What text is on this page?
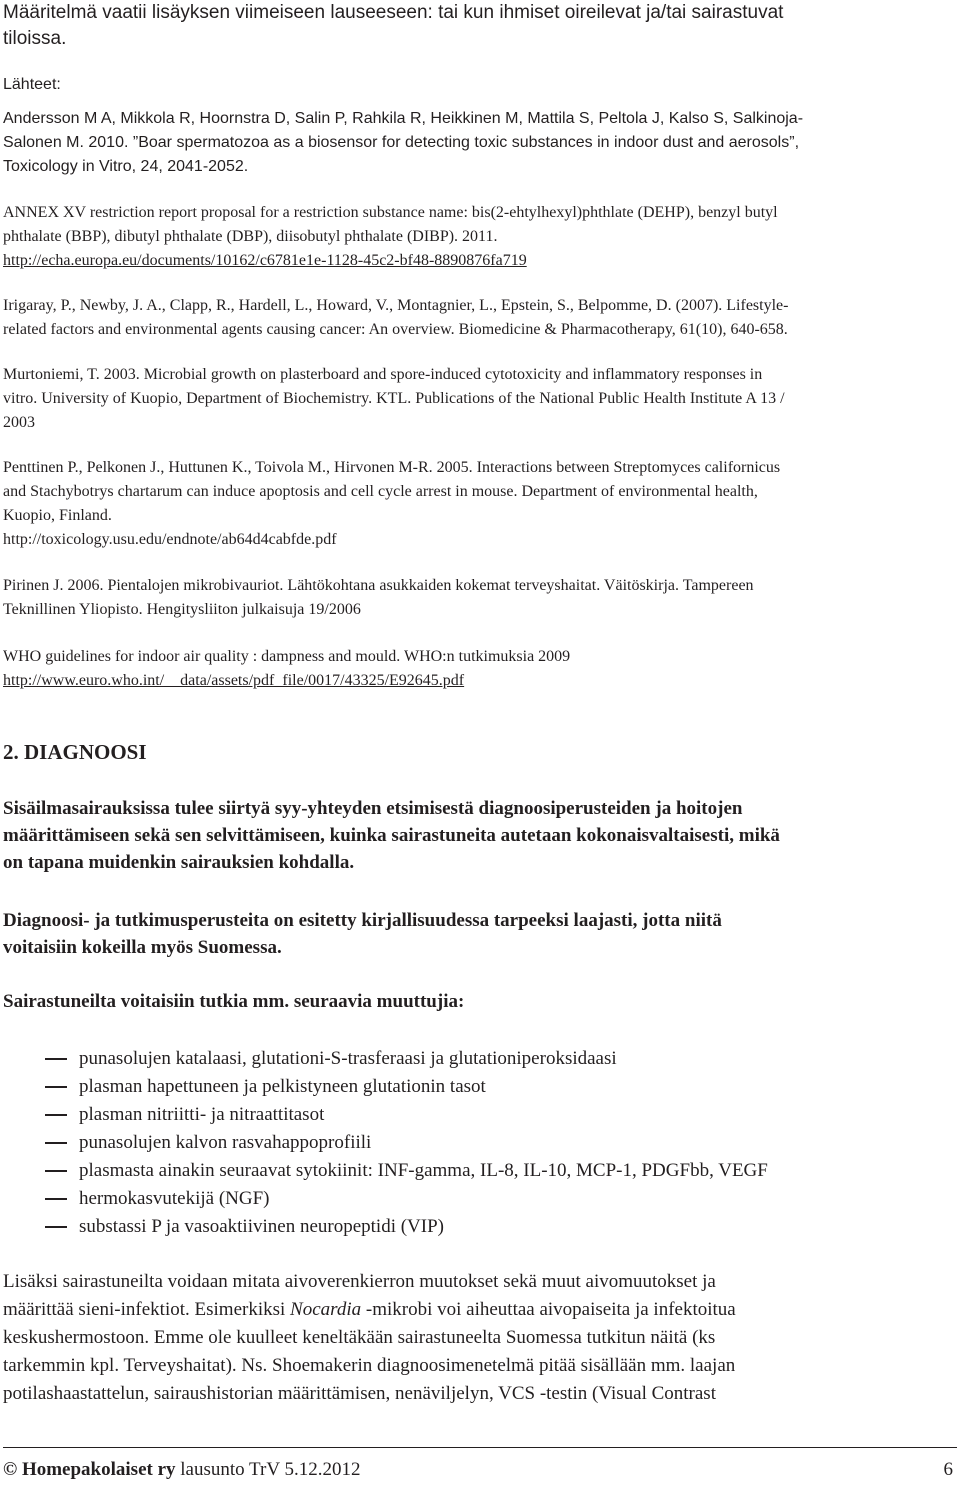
Määritelmä vaatii lisäyksen viimeiseen lauseeseen: tai kun ihmiset oireilevat ja/tai sairastuvat
tiloissa.

Lähteet:

Andersson M A, Mikkola R, Hoornstra D, Salin P, Rahkila R, Heikkinen M, Mattila S, Peltola J, Kalso S, Salkinoja-
Salonen M. 2010. ”Boar spermatozoa as a biosensor for detecting toxic substances in indoor dust and aerosols”,
Toxicology in Vitro, 24, 2041-2052.

ANNEX XV restriction report proposal for a restriction substance name: bis(2-ehtylhexyl)phthlate (DEHP), benzyl butyl
phthalate (BBP), dibutyl phthalate (DBP), diisobutyl phthalate (DIBP). 2011.
http://echa.europa.eu/documents/10162/c6781e1e-1128-45c2-bf48-8890876fa719

Irigaray, P., Newby, J. A., Clapp, R., Hardell, L., Howard, V., Montagnier, L., Epstein, S., Belpomme, D. (2007). Lifestyle-
related factors and environmental agents causing cancer: An overview. Biomedicine & Pharmacotherapy, 61(10), 640-658.

Murtoniemi, T. 2003. Microbial growth on plasterboard and spore-induced cytotoxicity and inflammatory responses in
vitro. University of Kuopio, Department of Biochemistry. KTL. Publications of the National Public Health Institute A 13 /
2003

Penttinen P., Pelkonen J., Huttunen K., Toivola M., Hirvonen M-R. 2005. Interactions between Streptomyces californicus
and Stachybotrys chartarum can induce apoptosis and cell cycle arrest in mouse. Department of environmental health,
Kuopio, Finland.
http://toxicology.usu.edu/endnote/ab64d4cabfde.pdf

Pirinen J. 2006. Pientalojen mikrobivauriot. Lähtökohtana asukkaiden kokemat terveyshaitat. Väitöskirja. Tampereen
Teknillinen Yliopisto. Hengitysliiton julkaisuja 19/2006

WHO guidelines for indoor air quality : dampness and mould. WHO:n tutkimuksia 2009
http://www.euro.who.int/__data/assets/pdf_file/0017/43325/E92645.pdf

2. DIAGNOOSI

Sisäilmasairauksissa tulee siirtyä syy-yhteyden etsimisestä diagnoosiperusteiden ja hoitojen
määrittämiseen sekä sen selvittämiseen, kuinka sairastuneita autetaan kokonaisvaltaisesti, mikä
on tapana muidenkin sairauksien kohdalla.

Diagnoosi- ja tutkimusperusteita on esitetty kirjallisuudessa tarpeeksi laajasti, jotta niitä
voitaisiin kokeilla myös Suomessa.

Sairastuneilta voitaisiin tutkia mm. seuraavia muuttujia:

punasolujen katalaasi, glutationi-S-trasferaasi ja glutationiperoksidaasi
plasman hapettuneen ja pelkistyneen glutationin tasot
plasman nitriitti- ja nitraattitasot
punasolujen kalvon rasvahappoprofiili
plasmasta ainakin seuraavat sytokiinit: INF-gamma, IL-8, IL-10, MCP-1, PDGFbb, VEGF
hermokasvutekijä (NGF)
substassi P ja vasoaktiivinen neuropeptidi (VIP)

Lisäksi sairastuneilta voidaan mitata aivoverenkierron muutokset sekä muut aivomuutokset ja
määrittää sieni-infektiot. Esimerkiksi Nocardia -mikrobi voi aiheuttaa aivopaiseita ja infektoitua
keskushermostoon. Emme ole kuulleet keneltäkään sairastuneelta Suomessa tutkitun näitä (ks
tarkemmin kpl. Terveyshaitat). Ns. Shoemakerin diagnoosimenetelmä pitää sisällään mm. laajan
potilashaastattelun, sairaushistorian määrittämisen, nenäviljelyn, VCS -testin (Visual Contrast

© Homepakolaiset ry lausunto TrV 5.12.2012	6
